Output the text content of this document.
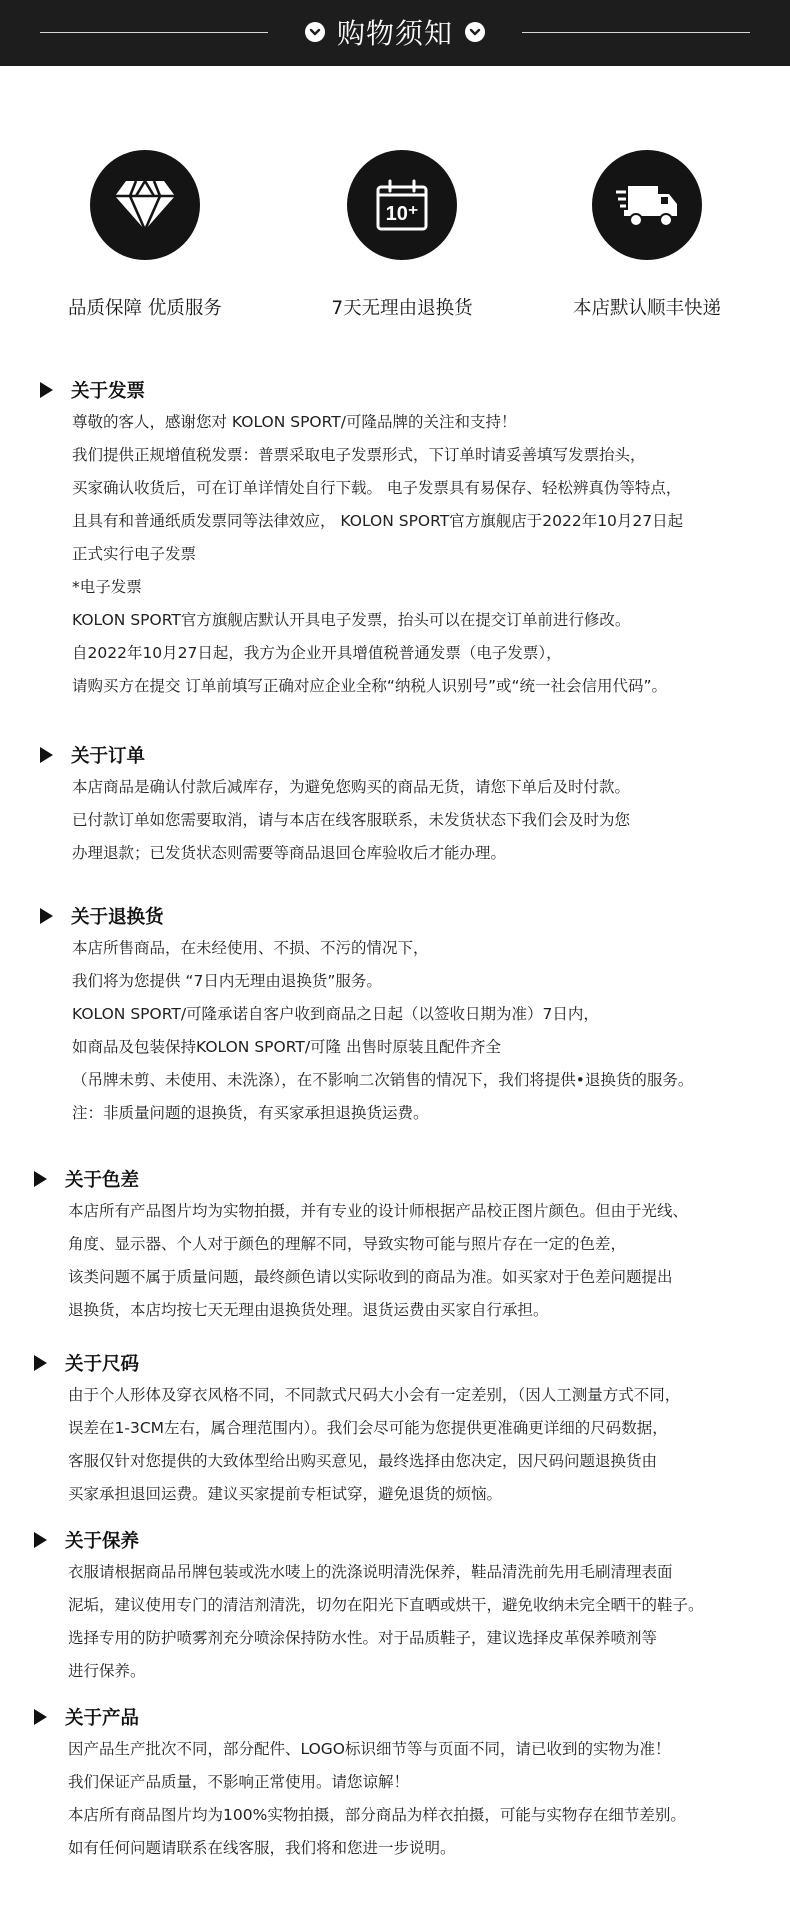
购物须知
品质保障 优质服务
10⁺
7天无理由退换货	本店默认顺丰快递
关于发票
尊敬的客人，感谢您对 KOLON SPORT/可隆品牌的关注和支持！
我们提供正规增值税发票：普票采取电子发票形式，下订单时请妥善填写发票抬头，
买家确认收货后，可在订单详情处自行下载。 电子发票具有易保存、轻松辨真伪等特点，
且具有和普通纸质发票同等法律效应， KOLON SPORT官方旗舰店于2022年10月27日起
正式实行电子发票
*电子发票
KOLON SPORT官方旗舰店默认开具电子发票，抬头可以在提交订单前进行修改。
自2022年10月27日起，我方为企业开具增值税普通发票（电子发票），
请购买方在提交 订单前填写正确对应企业全称“纳税人识别号”或“统一社会信用代码”。
关于订单
本店商品是确认付款后减库存，为避免您购买的商品无货，请您下单后及时付款。
已付款订单如您需要取消，请与本店在线客服联系，未发货状态下我们会及时为您
办理退款；已发货状态则需要等商品退回仓库验收后才能办理。
关于退换货
本店所售商品，在未经使用、不损、不污的情况下，
我们将为您提供 “7日内无理由退换货”服务。
KOLON SPORT/可隆承诺自客户收到商品之日起（以签收日期为准）7日内，
如商品及包装保持KOLON SPORT/可隆 出售时原装且配件齐全
（吊牌未剪、未使用、未洗涤），在不影响二次销售的情况下，我们将提供•退换货的服务。
注：非质量问题的退换货，有买家承担退换货运费。
关于色差
本店所有产品图片均为实物拍摄，并有专业的设计师根据产品校正图片颜色。但由于光线、
角度、显示器、个人对于颜色的理解不同，导致实物可能与照片存在一定的色差，
该类问题不属于质量问题，最终颜色请以实际收到的商品为准。如买家对于色差问题提出
退换货，本店均按七天无理由退换货处理。退货运费由买家自行承担。
关于尺码
由于个人形体及穿衣风格不同，不同款式尺码大小会有一定差别，（因人工测量方式不同，
误差在1-3CM左右，属合理范围内）。我们会尽可能为您提供更准确更详细的尺码数据，
客服仅针对您提供的大致体型给出购买意见，最终选择由您决定，因尺码问题退换货由
买家承担退回运费。建议买家提前专柜试穿，避免退货的烦恼。
关于保养
衣服请根据商品吊牌包装或洗水唛上的洗涤说明清洗保养，鞋品清洗前先用毛刷清理表面
泥垢，建议使用专门的清洁剂清洗，切勿在阳光下直晒或烘干，避免收纳未完全晒干的鞋子。
选择专用的防护喷雾剂充分喷涂保持防水性。对于品质鞋子，建议选择皮革保养喷剂等
进行保养。
关于产品
因产品生产批次不同，部分配件、LOGO标识细节等与页面不同，请已收到的实物为准！
我们保证产品质量，不影响正常使用。请您谅解！
本店所有商品图片均为100%实物拍摄，部分商品为样衣拍摄，可能与实物存在细节差别。
如有任何问题请联系在线客服，我们将和您进一步说明。
